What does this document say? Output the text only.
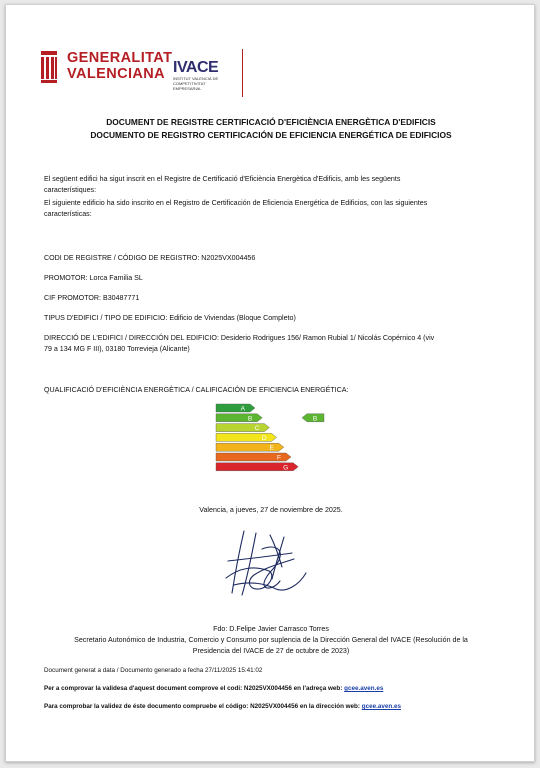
GENERALITAT
VALENCIANA IVACE
INSTITUT VALENCIÀ DE COMPETITIVITAT EMPRESARIAL
DOCUMENT DE REGISTRE CERTIFICACIÓ D'EFICIÈNCIA ENERGÈTICA D'EDIFICIS
DOCUMENTO DE REGISTRO CERTIFICACIÓN DE EFICIENCIA ENERGÉTICA DE EDIFICIOS
El següent edifici ha sigut inscrit en el Registre de Certificació d'Eficiència Energètica d'Edificis, amb les següents
característiques:
El siguiente edificio ha sido inscrito en el Registro de Certificación de Eficiencia Energética de Edificios, con las siguientes
características:
CODI DE REGISTRE / CÓDIGO DE REGISTRO: N2025VX004456
PROMOTOR: Lorca Familia SL
CIF PROMOTOR: B30487771
TIPUS D'EDIFICI / TIPO DE EDIFICIO: Edificio de Viviendas (Bloque Completo)
DIRECCIÓ DE L'EDIFICI / DIRECCIÓN DEL EDIFICIO: Desiderio Rodrigues 156/ Ramon Rubial 1/ Nicolás Copérnico 4 (viv
79 a 134 MG F III), 03180 Torrevieja (Alicante)
QUALIFICACIÓ D'EFICIÈNCIA ENERGÈTICA / CALIFICACIÓN DE EFICIENCIA ENERGÉTICA:
A
B
C
D
E
F
G
B
Valencia, a jueves, 27 de noviembre de 2025.
Fdo: D.Felipe Javier Carrasco Torres
Secretario Autonómico de Industria, Comercio y Consumo por suplencia de la Dirección General del IVACE (Resolución de la
Presidencia del IVACE de 27 de octubre de 2023)
Document generat a data / Documento generado a fecha 27/11/2025 15:41:02
Per a comprovar la validesa d'aquest document comprove el codi: N2025VX004456 en l'adreça web: gcee.aven.es
Para comprobar la validez de éste documento compruebe el código: N2025VX004456 en la dirección web: gcee.aven.es
